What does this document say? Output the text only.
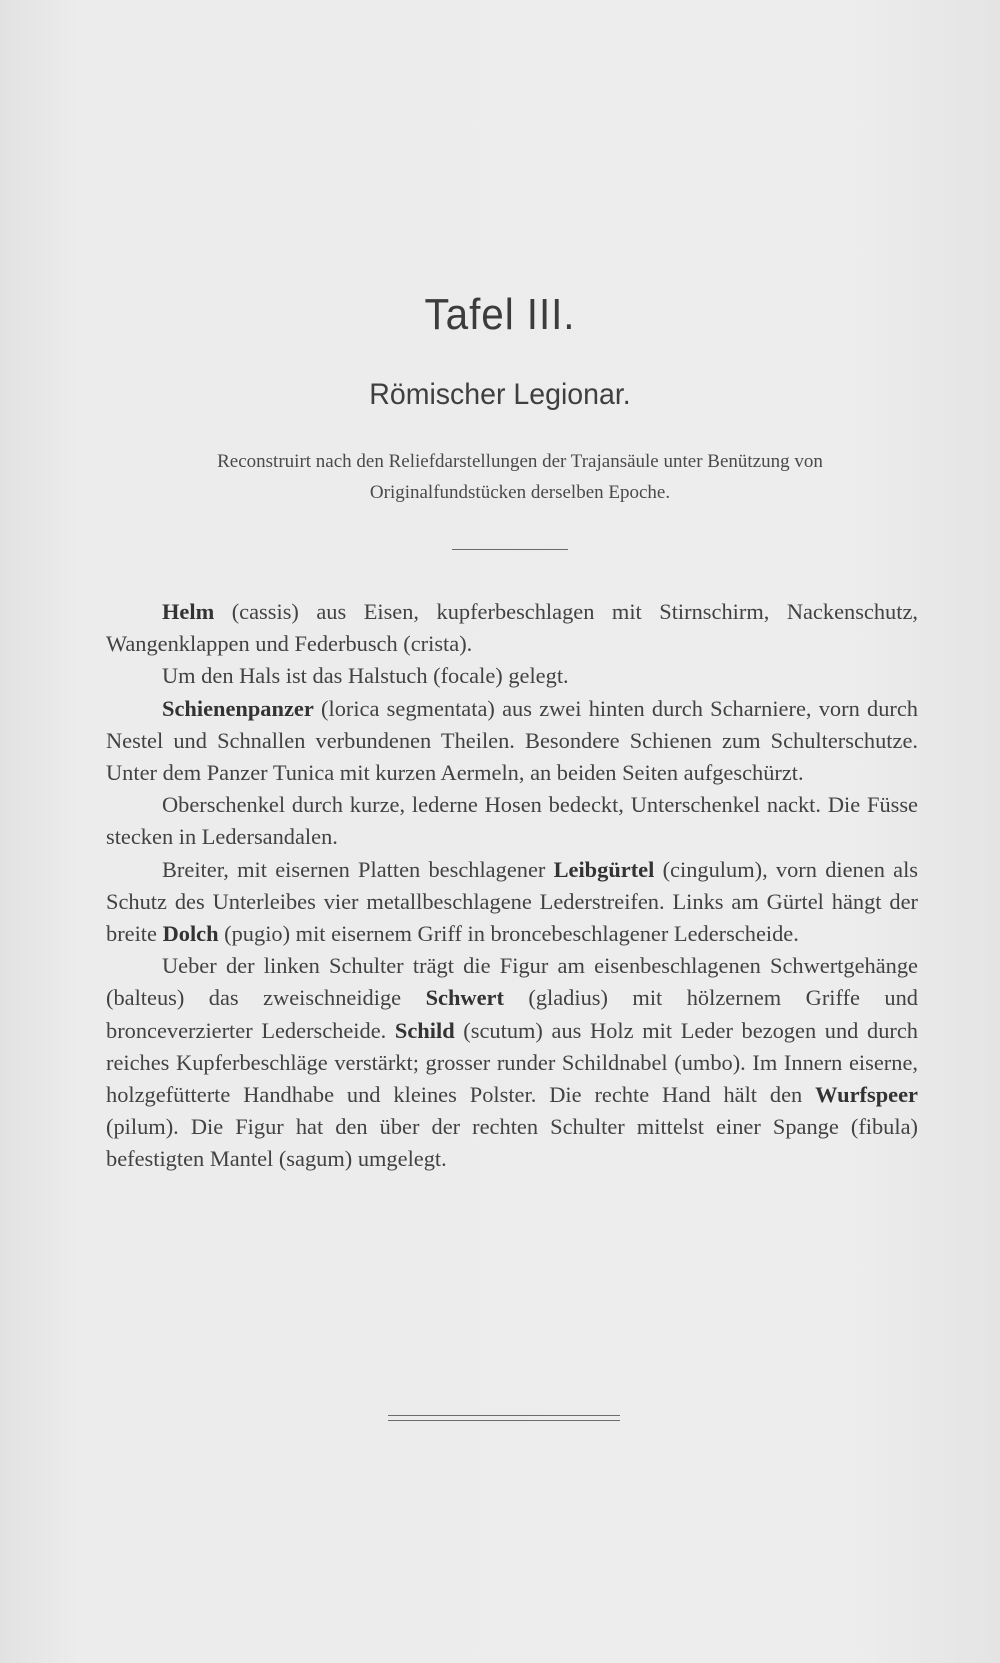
Tafel III.
Römischer Legionar.
Reconstruirt nach den Reliefdarstellungen der Trajansäule unter Benützung von
Originalfundstücken derselben Epoche.

Helm (cassis) aus Eisen, kupferbeschlagen mit Stirnschirm, Nackenschutz, Wangenklappen und Federbusch (crista).

Um den Hals ist das Halstuch (focale) gelegt.

Schienenpanzer (lorica segmentata) aus zwei hinten durch Scharniere, vorn durch Nestel und Schnallen verbundenen Theilen. Besondere Schienen zum Schulterschutze. Unter dem Panzer Tunica mit kurzen Aermeln, an beiden Seiten aufgeschürzt.

Oberschenkel durch kurze, lederne Hosen bedeckt, Unterschenkel nackt. Die Füsse stecken in Ledersandalen.

Breiter, mit eisernen Platten beschlagener Leibgürtel (cingulum), vorn dienen als Schutz des Unterleibes vier metallbeschlagene Lederstreifen. Links am Gürtel hängt der breite Dolch (pugio) mit eisernem Griff in broncebeschlagener Lederscheide.

Ueber der linken Schulter trägt die Figur am eisenbeschlagenen Schwertgehänge (balteus) das zweischneidige Schwert (gladius) mit hölzernem Griffe und bronceverzierter Lederscheide. Schild (scutum) aus Holz mit Leder bezogen und durch reiches Kupferbeschläge verstärkt; grosser runder Schildnabel (umbo). Im Innern eiserne, holzgefütterte Handhabe und kleines Polster. Die rechte Hand hält den Wurfspeer (pilum). Die Figur hat den über der rechten Schulter mittelst einer Spange (fibula) befestigten Mantel (sagum) umgelegt.
